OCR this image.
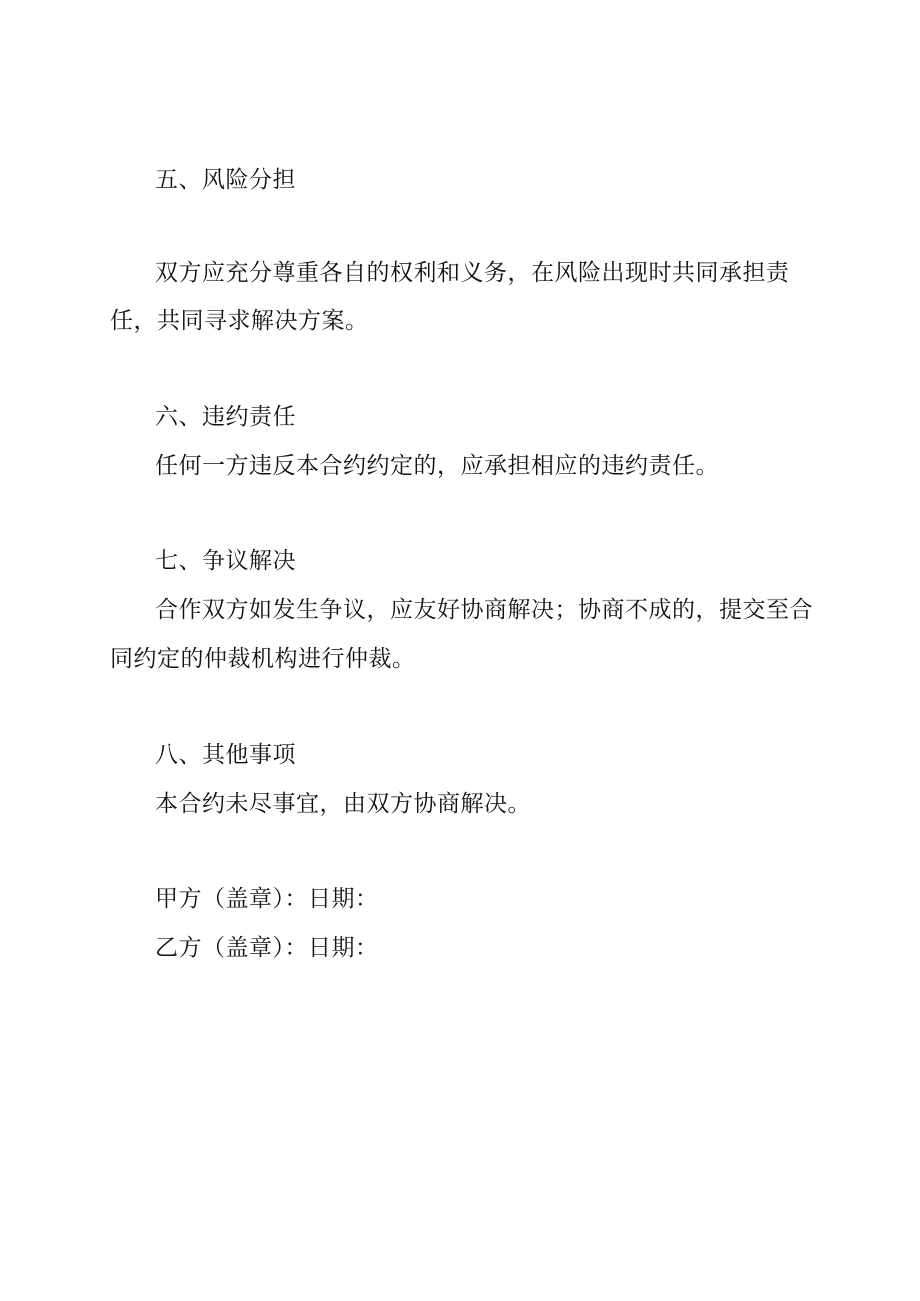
五、风险分担
双方应充分尊重各自的权利和义务，在风险出现时共同承担责
任，共同寻求解决方案。
六、违约责任
任何一方违反本合约约定的，应承担相应的违约责任。
七、争议解决
合作双方如发生争议，应友好协商解决；协商不成的，提交至合
同约定的仲裁机构进行仲裁。
八、其他事项
本合约未尽事宜，由双方协商解决。
甲方（盖章）：日期：
乙方（盖章）：日期：
